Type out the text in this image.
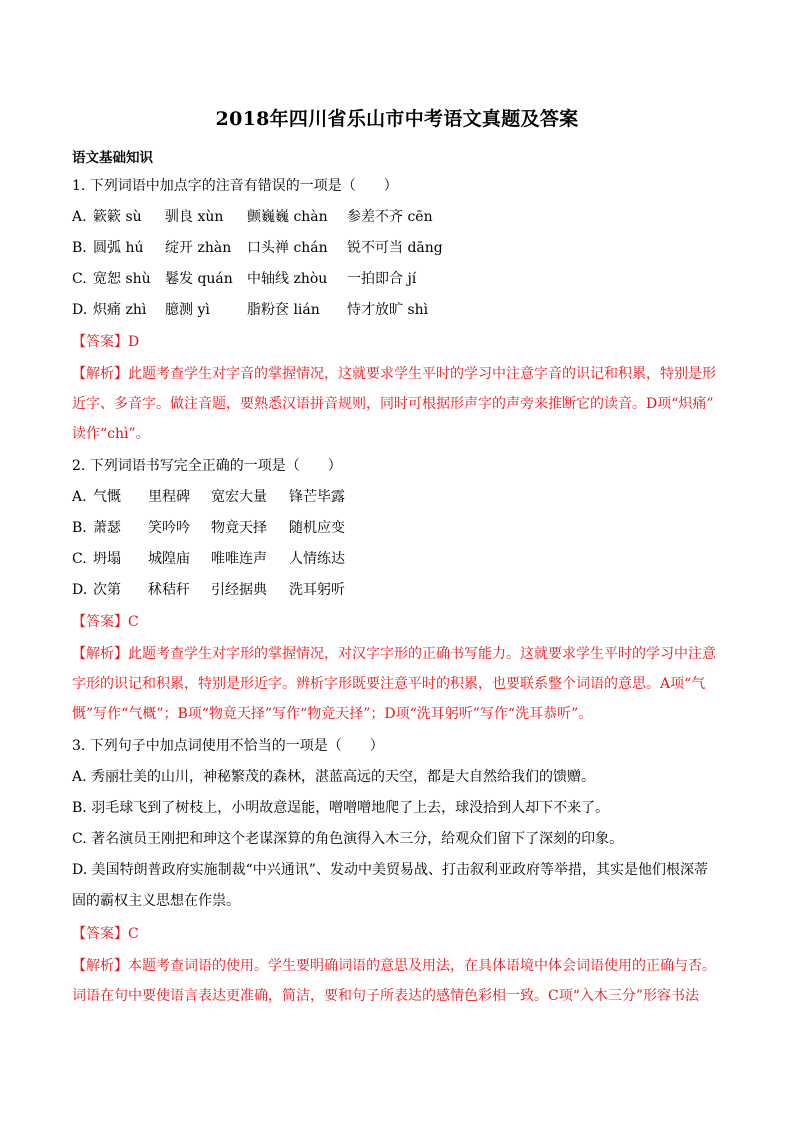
2018年四川省乐山市中考语文真题及答案
语文基础知识
1. 下列词语中加点字的注音有错误的一项是（　　）
A. 簌簌 sù 驯良 xùn 颤巍巍 chàn 参差不齐 cēn
B. 圆弧 hú 绽开 zhàn 口头禅 chán 锐不可当 dāng
C. 宽恕 shù 鬈发 quán 中轴线 zhòu 一拍即合 jí
D. 炽痛 zhì 臆测 yì	脂粉奁 lián 恃才放旷 shì
【答案】D
【解析】此题考查学生对字音的掌握情况，这就要求学生平时的学习中注意字音的识记和积累，特别是形
近字、多音字。做注音题，要熟悉汉语拼音规则，同时可根据形声字的声旁来推断它的读音。D项“炽痛”
读作“chì”。
2. 下列词语书写完全正确的一项是（　　）
A. 气慨 里程碑 宽宏大量 锋芒毕露
B. 萧瑟 笑吟吟 物竟天择 随机应变
C. 坍塌 城隍庙 唯唯连声 人情练达
D. 次第 秫秸秆 引经据典 洗耳躬听
【答案】C
【解析】此题考查学生对字形的掌握情况，对汉字字形的正确书写能力。这就要求学生平时的学习中注意
字形的识记和积累，特别是形近字。辨析字形既要注意平时的积累，也要联系整个词语的意思。A项“气
慨”写作“气概”；B项“物竟天择”写作“物竞天择”；D项“洗耳躬听”写作“洗耳恭听”。
3. 下列句子中加点词使用不恰当的一项是（　　）
A. 秀丽壮美的山川，神秘繁茂的森林，湛蓝高远的天空，都是大自然给我们的馈赠。
B. 羽毛球飞到了树枝上，小明故意逞能，噌噌噌地爬了上去，球没拾到人却下不来了。
C. 著名演员王刚把和珅这个老谋深算的角色演得入木三分，给观众们留下了深刻的印象。
D. 美国特朗普政府实施制裁“中兴通讯”、发动中美贸易战、打击叙利亚政府等举措，其实是他们根深蒂
固的霸权主义思想在作祟。
【答案】C
【解析】本题考查词语的使用。学生要明确词语的意思及用法，在具体语境中体会词语使用的正确与否。
词语在句中要使语言表达更准确，简洁，要和句子所表达的感情色彩相一致。C项“入木三分”形容书法
